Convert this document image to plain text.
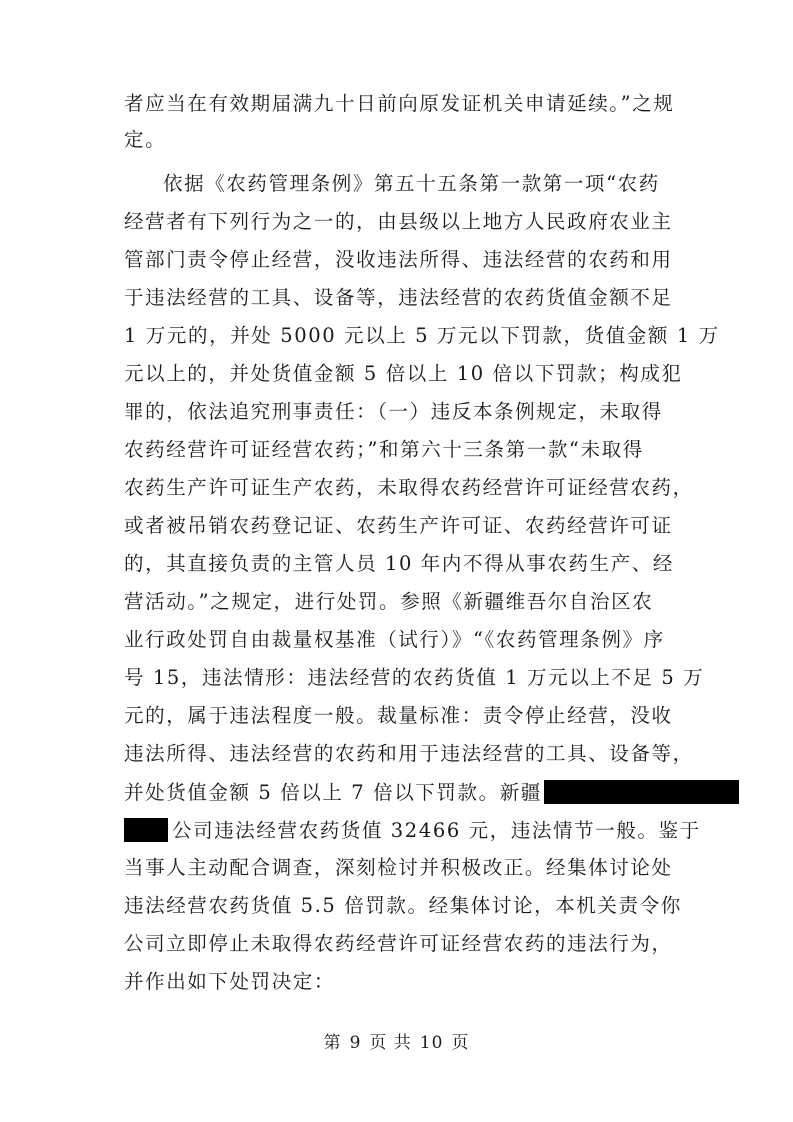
者应当在有效期届满九十日前向原发证机关申请延续。”之规
定。
依据《农药管理条例》第五十五条第一款第一项“农药
经营者有下列行为之一的，由县级以上地方人民政府农业主
管部门责令停止经营，没收违法所得、违法经营的农药和用
于违法经营的工具、设备等，违法经营的农药货值金额不足
1 万元的，并处 5000 元以上 5 万元以下罚款，货值金额 1 万
元以上的，并处货值金额 5 倍以上 10 倍以下罚款；构成犯
罪的，依法追究刑事责任：（一）违反本条例规定，未取得
农药经营许可证经营农药；”和第六十三条第一款“未取得
农药生产许可证生产农药，未取得农药经营许可证经营农药，
或者被吊销农药登记证、农药生产许可证、农药经营许可证
的，其直接负责的主管人员 10 年内不得从事农药生产、经
营活动。”之规定，进行处罚。参照《新疆维吾尔自治区农
业行政处罚自由裁量权基准（试行）》“《农药管理条例》序
号 15，违法情形：违法经营的农药货值 1 万元以上不足 5 万
元的，属于违法程度一般。裁量标准：责令停止经营，没收
违法所得、违法经营的农药和用于违法经营的工具、设备等，
并处货值金额 5 倍以上 7 倍以下罚款。新疆
公司违法经营农药货值 32466 元，违法情节一般。鉴于
当事人主动配合调查，深刻检讨并积极改正。经集体讨论处
违法经营农药货值 5.5 倍罚款。经集体讨论，本机关责令你
公司立即停止未取得农药经营许可证经营农药的违法行为，
并作出如下处罚决定：
第 9 页 共 10 页
